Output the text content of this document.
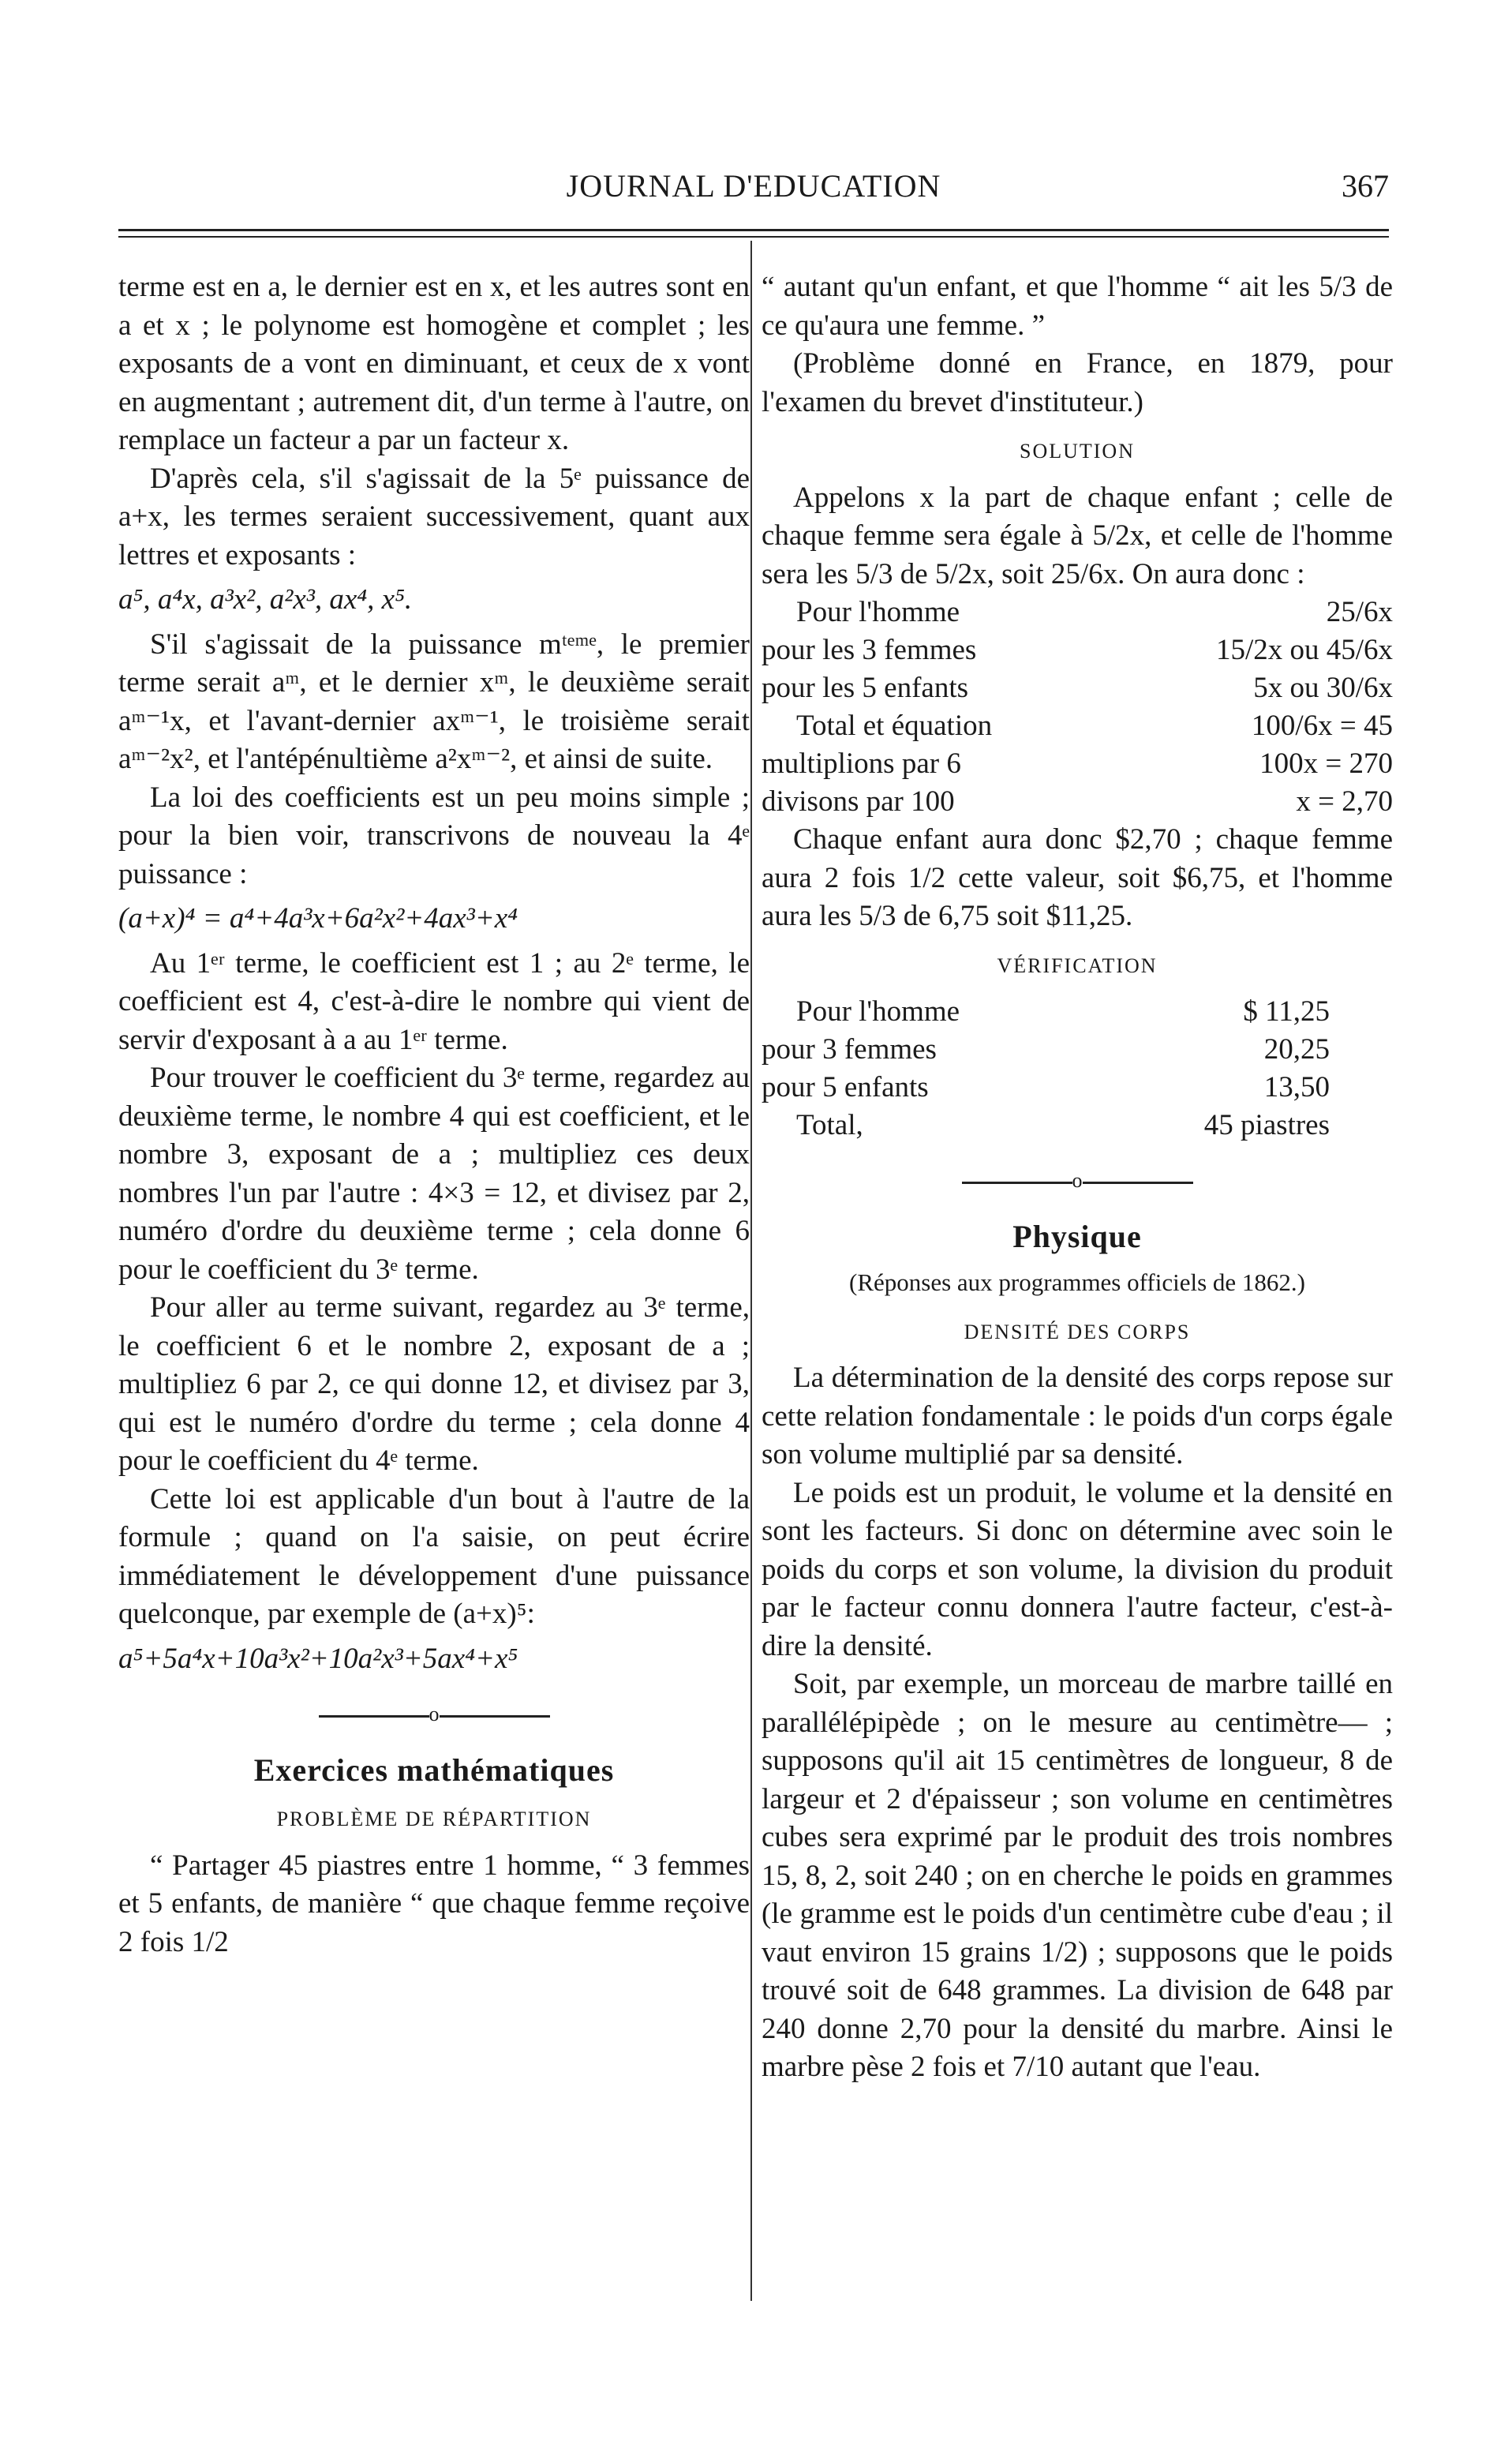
JOURNAL D'EDUCATION	367

terme est en a, le dernier est en x, et les autres sont en a et x ; le polynome est homogène et complet ; les exposants de a vont en diminuant, et ceux de x vont en augmentant ; autrement dit, d'un terme à l'autre, on remplace un facteur a par un facteur x.

D'après cela, s'il s'agissait de la 5ᵉ puissance de a+x, les termes seraient successivement, quant aux lettres et exposants :

a⁵, a⁴x, a³x², a²x³, ax⁴, x⁵.

S'il s'agissait de la puissance mᵗᵉᵐᵉ, le premier terme serait aᵐ, et le dernier xᵐ, le deuxième serait aᵐ⁻¹x, et l'avant-dernier axᵐ⁻¹, le troisième serait aᵐ⁻²x², et l'antépénultième a²xᵐ⁻², et ainsi de suite.

La loi des coefficients est un peu moins simple ; pour la bien voir, transcrivons de nouveau la 4ᵉ puissance :

(a+x)⁴ = a⁴+4a³x+6a²x²+4ax³+x⁴

Au 1ᵉʳ terme, le coefficient est 1 ; au 2ᵉ terme, le coefficient est 4, c'est-à-dire le nombre qui vient de servir d'exposant à a au 1ᵉʳ terme.

Pour trouver le coefficient du 3ᵉ terme, regardez au deuxième terme, le nombre 4 qui est coefficient, et le nombre 3, exposant de a ; multipliez ces deux nombres l'un par l'autre : 4×3 = 12, et divisez par 2, numéro d'ordre du deuxième terme ; cela donne 6 pour le coefficient du 3ᵉ terme.

Pour aller au terme suivant, regardez au 3ᵉ terme, le coefficient 6 et le nombre 2, exposant de a ; multipliez 6 par 2, ce qui donne 12, et divisez par 3, qui est le numéro d'ordre du terme ; cela donne 4 pour le coefficient du 4ᵉ terme.

Cette loi est applicable d'un bout à l'autre de la formule ; quand on l'a saisie, on peut écrire immédiatement le développement d'une puissance quelconque, par exemple de (a+x)⁵:

a⁵+5a⁴x+10a³x²+10a²x³+5ax⁴+x⁵

o
Exercices mathématiques
PROBLÈME DE RÉPARTITION

“ Partager 45 piastres entre 1 homme, “ 3 femmes et 5 enfants, de manière “ que chaque femme reçoive 2 fois 1/2

“ autant qu'un enfant, et que l'homme “ ait les 5/3 de ce qu'aura une femme. ”

(Problème donné en France, en 1879, pour l'examen du brevet d'instituteur.)

SOLUTION

Appelons x la part de chaque enfant ; celle de chaque femme sera égale à 5/2x, et celle de l'homme sera les 5/3 de 5/2x, soit 25/6x. On aura donc :

Pour l'homme	25/6x
pour les 3 femmes	15/2x ou 45/6x
pour les 5 enfants	5x ou 30/6x
Total et équation	100/6x = 45
multiplions par 6	100x = 270
divisons par 100	x = 2,70

Chaque enfant aura donc $2,70 ; chaque femme aura 2 fois 1/2 cette valeur, soit $6,75, et l'homme aura les 5/3 de 6,75 soit $11,25.

VÉRIFICATION
Pour l'homme	$ 11,25
pour 3 femmes	20,25
pour 5 enfants	13,50
Total,	45 piastres
o
Physique
(Réponses aux programmes officiels de 1862.)
DENSITÉ DES CORPS

La détermination de la densité des corps repose sur cette relation fondamentale : le poids d'un corps égale son volume multiplié par sa densité.

Le poids est un produit, le volume et la densité en sont les facteurs. Si donc on détermine avec soin le poids du corps et son volume, la division du produit par le facteur connu donnera l'autre facteur, c'est-à-dire la densité.

Soit, par exemple, un morceau de marbre taillé en parallélépipède ; on le mesure au centimètre— ; supposons qu'il ait 15 centimètres de longueur, 8 de largeur et 2 d'épaisseur ; son volume en centimètres cubes sera exprimé par le produit des trois nombres 15, 8, 2, soit 240 ; on en cherche le poids en grammes (le gramme est le poids d'un centimètre cube d'eau ; il vaut environ 15 grains 1/2) ; supposons que le poids trouvé soit de 648 grammes. La division de 648 par 240 donne 2,70 pour la densité du marbre. Ainsi le marbre pèse 2 fois et 7/10 autant que l'eau.
